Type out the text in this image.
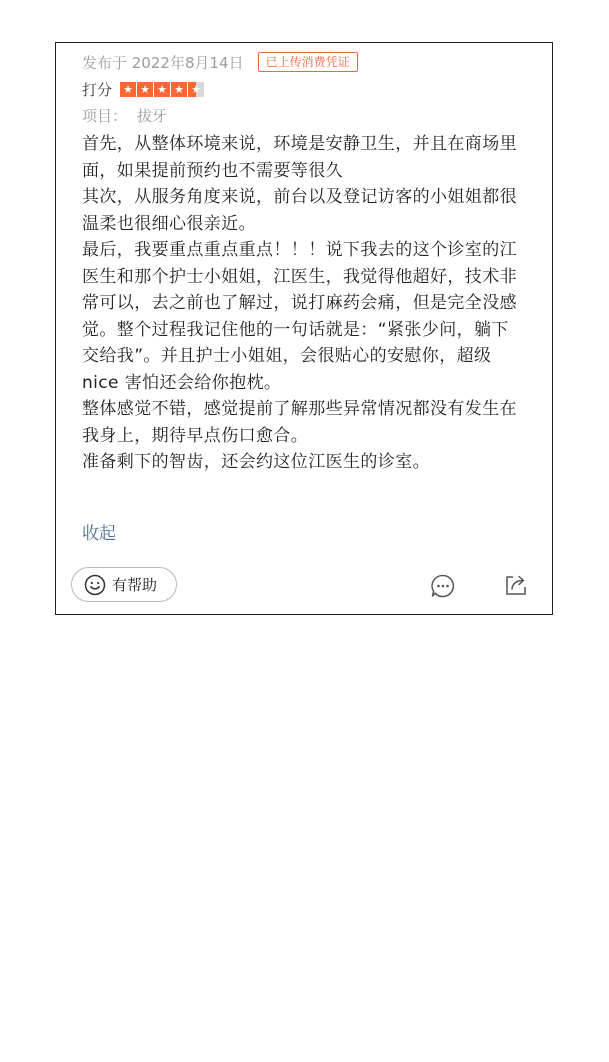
发布于 2022年8月14日	已上传消费凭证
打分 ★ ★ ★ ★ ★
项目： 拔牙

首先，从整体环境来说，环境是安静卫生，并且在商场里面，如果提前预约也不需要等很久

其次，从服务角度来说，前台以及登记访客的小姐姐都很温柔也很细心很亲近。

最后，我要重点重点重点！！！说下我去的这个诊室的江医生和那个护士小姐姐，江医生，我觉得他超好，技术非常可以，去之前也了解过，说打麻药会痛，但是完全没感觉。整个过程我记住他的一句话就是：“紧张少问，躺下交给我”。并且护士小姐姐，会很贴心的安慰你，超级 nice 害怕还会给你抱枕。

整体感觉不错，感觉提前了解那些异常情况都没有发生在我身上，期待早点伤口愈合。

准备剩下的智齿，还会约这位江医生的诊室。

收起
有帮助
